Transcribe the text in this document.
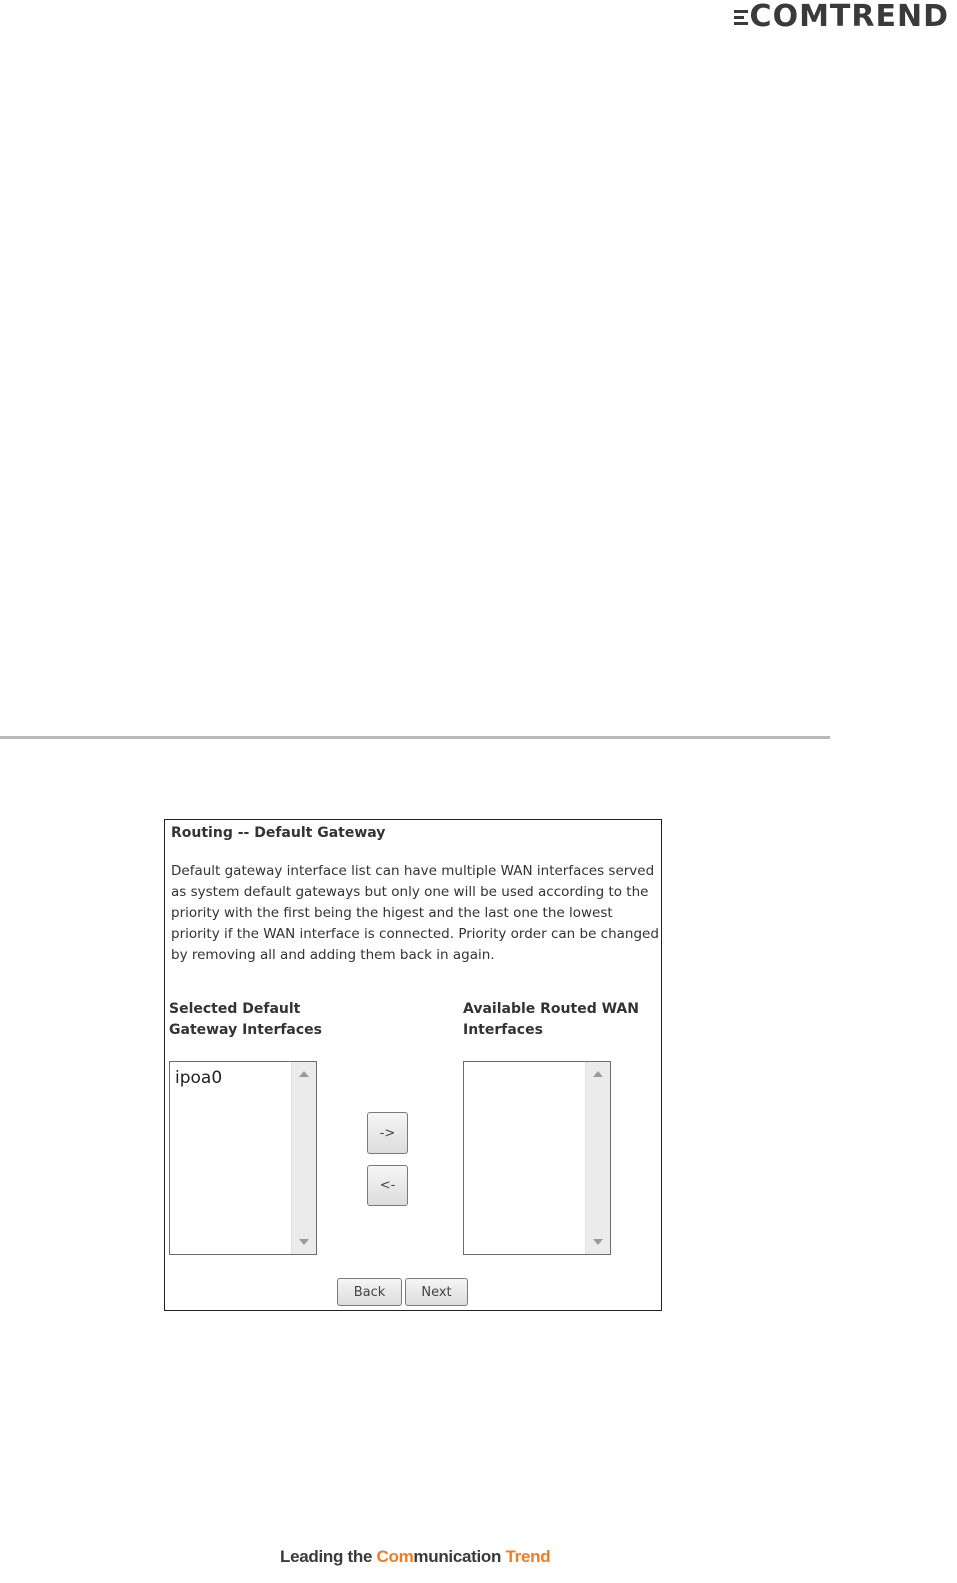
COMTREND
Routing -- Default Gateway
Default gateway interface list can have multiple WAN interfaces served as system default gateways but only one will be used according to the priority with the first being the higest and the last one the lowest priority if the WAN interface is connected. Priority order can be changed by removing all and adding them back in again.
Selected Default
Gateway Interfaces
Available Routed WAN
Interfaces
ipoa0
->
<-
Back	Next
Leading the Communication Trend
